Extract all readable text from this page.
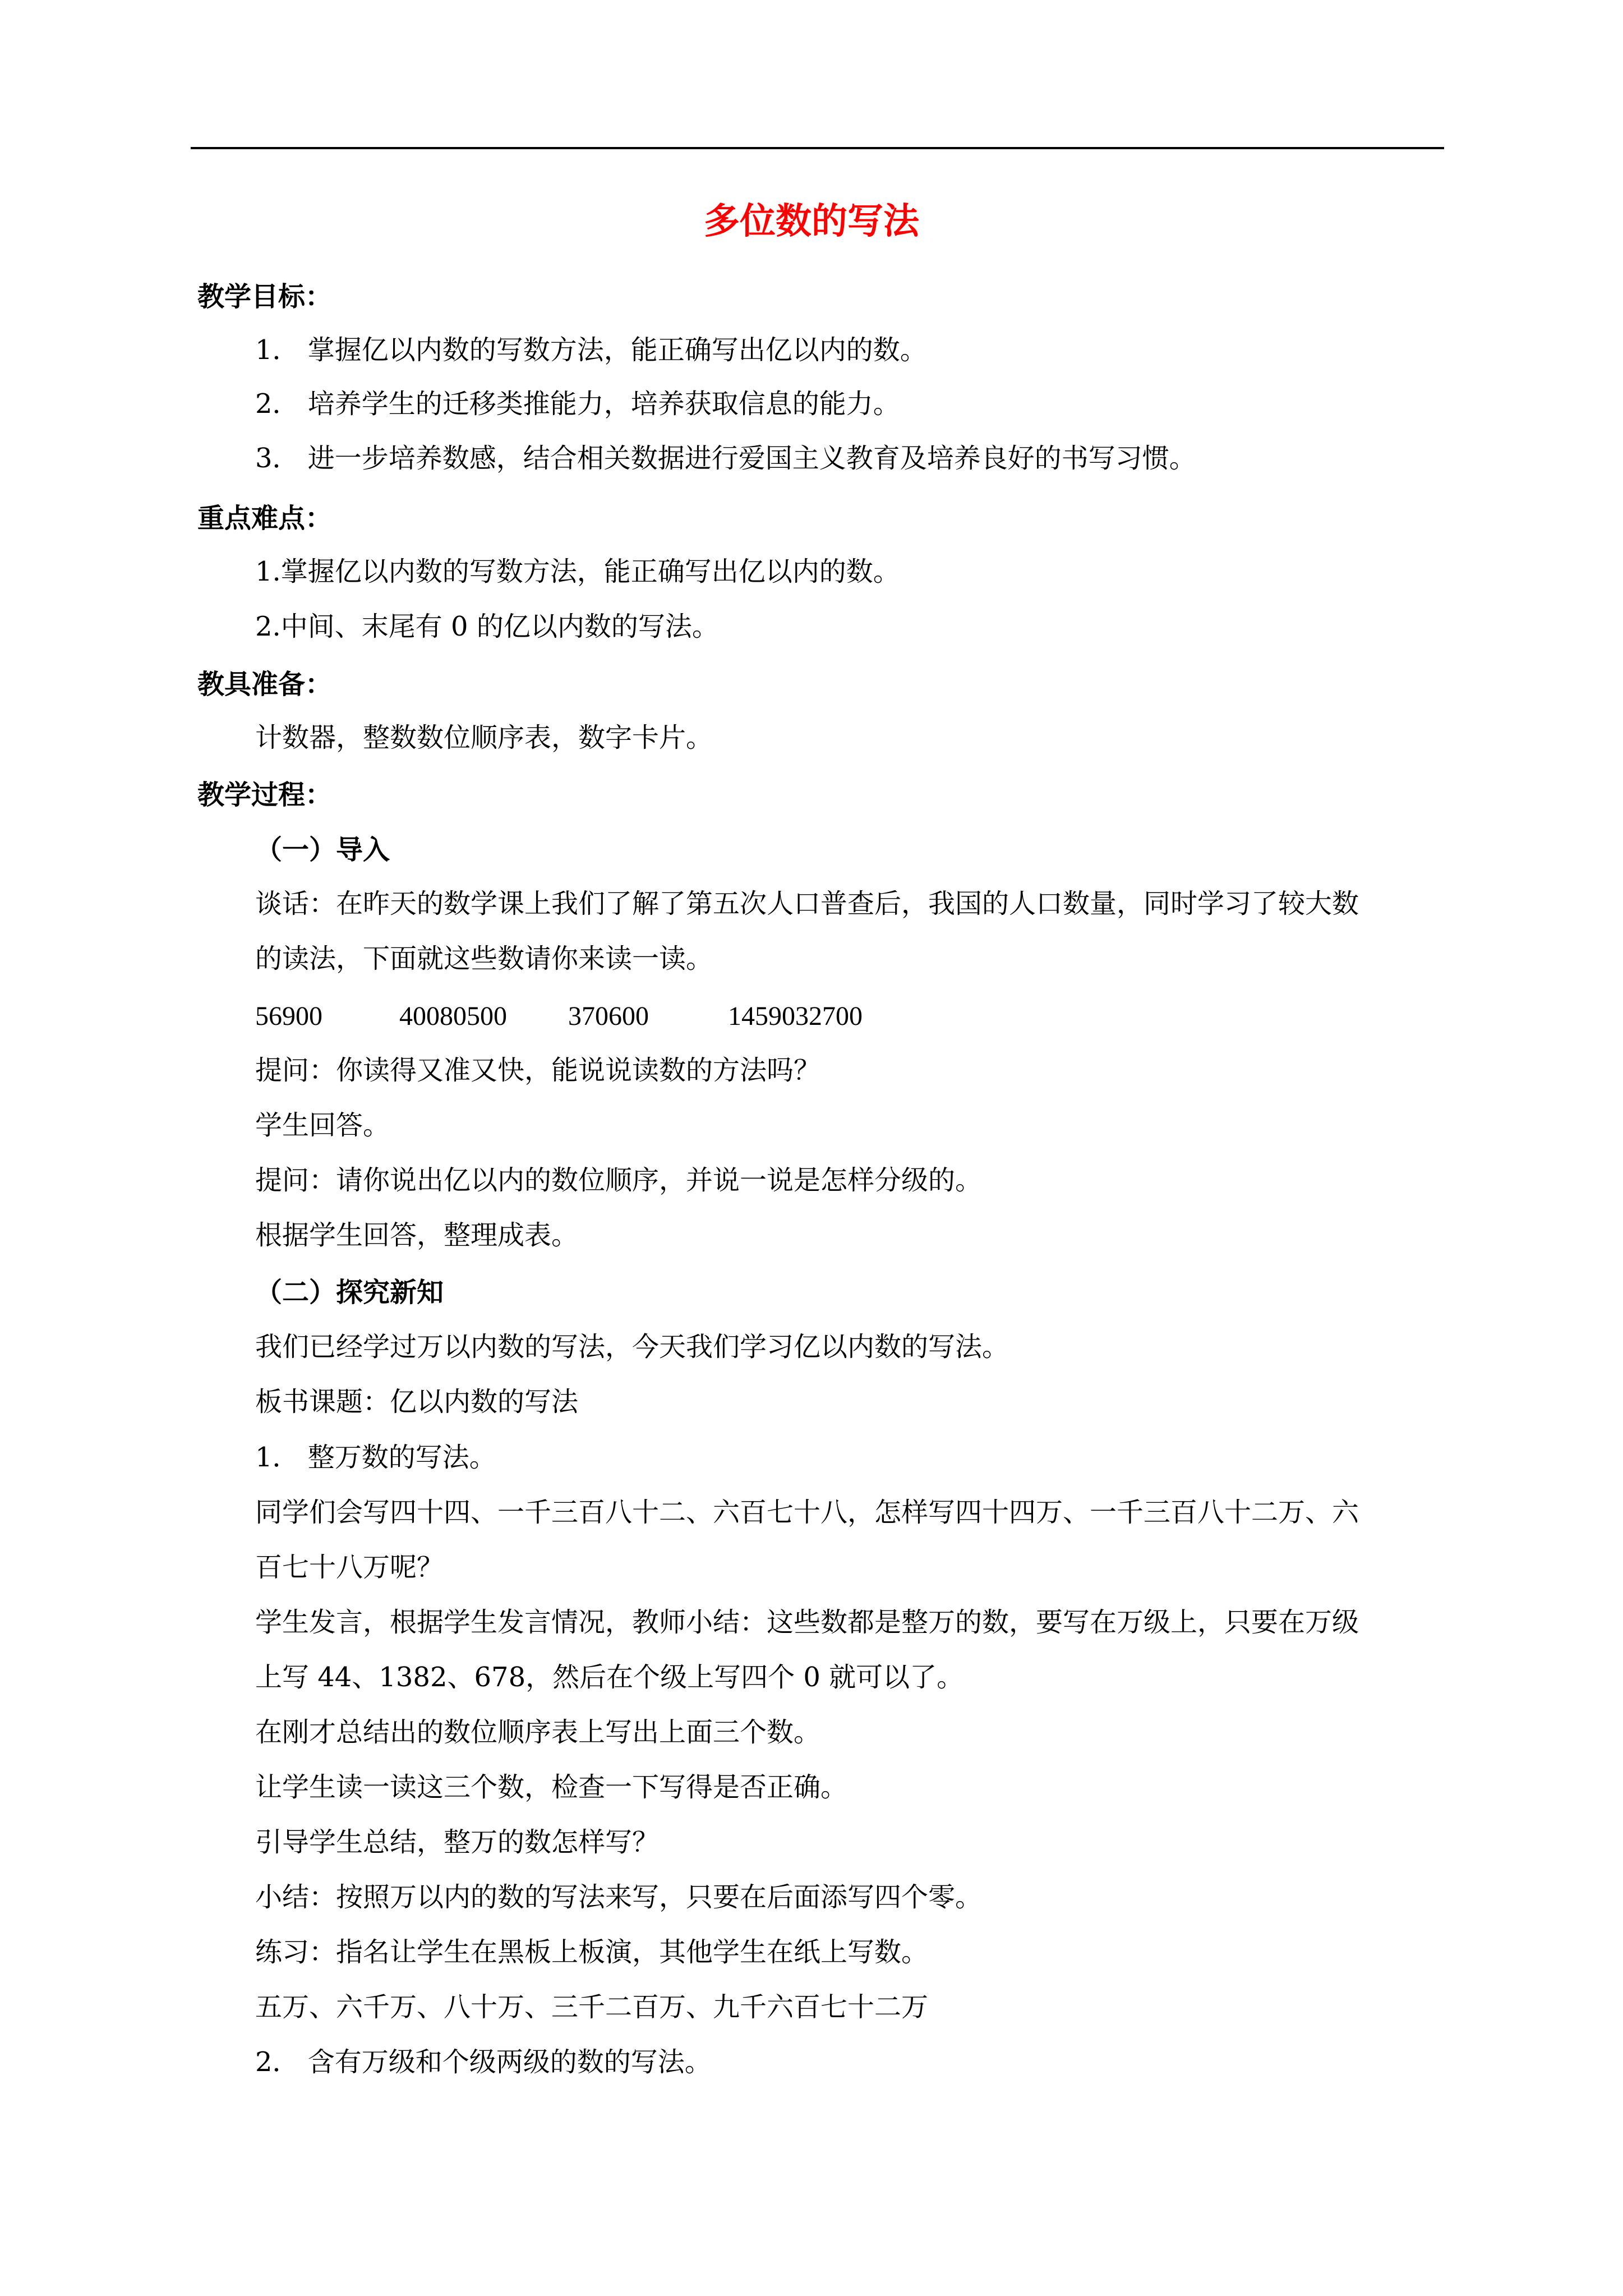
多位数的写法
教学目标：
1． 掌握亿以内数的写数方法，能正确写出亿以内的数。
2． 培养学生的迁移类推能力，培养获取信息的能力。
3． 进一步培养数感，结合相关数据进行爱国主义教育及培养良好的书写习惯。
重点难点：
1.掌握亿以内数的写数方法，能正确写出亿以内的数。
2.中间、末尾有 0 的亿以内数的写法。
教具准备：
计数器，整数数位顺序表，数字卡片。
教学过程：
（一）导入
谈话：在昨天的数学课上我们了解了第五次人口普查后，我国的人口数量，同时学习了较大数
的读法，下面就这些数请你来读一读。
56900	40080500 370600	1459032700
提问：你读得又准又快，能说说读数的方法吗？
学生回答。
提问：请你说出亿以内的数位顺序，并说一说是怎样分级的。
根据学生回答，整理成表。
（二）探究新知
我们已经学过万以内数的写法，今天我们学习亿以内数的写法。
板书课题：亿以内数的写法
1． 整万数的写法。
同学们会写四十四、一千三百八十二、六百七十八，怎样写四十四万、一千三百八十二万、六
百七十八万呢？
学生发言，根据学生发言情况，教师小结：这些数都是整万的数，要写在万级上，只要在万级
上写 44、1382、678，然后在个级上写四个 0 就可以了。
在刚才总结出的数位顺序表上写出上面三个数。
让学生读一读这三个数，检查一下写得是否正确。
引导学生总结，整万的数怎样写？
小结：按照万以内的数的写法来写，只要在后面添写四个零。
练习：指名让学生在黑板上板演，其他学生在纸上写数。
五万、六千万、八十万、三千二百万、九千六百七十二万
2． 含有万级和个级两级的数的写法。
